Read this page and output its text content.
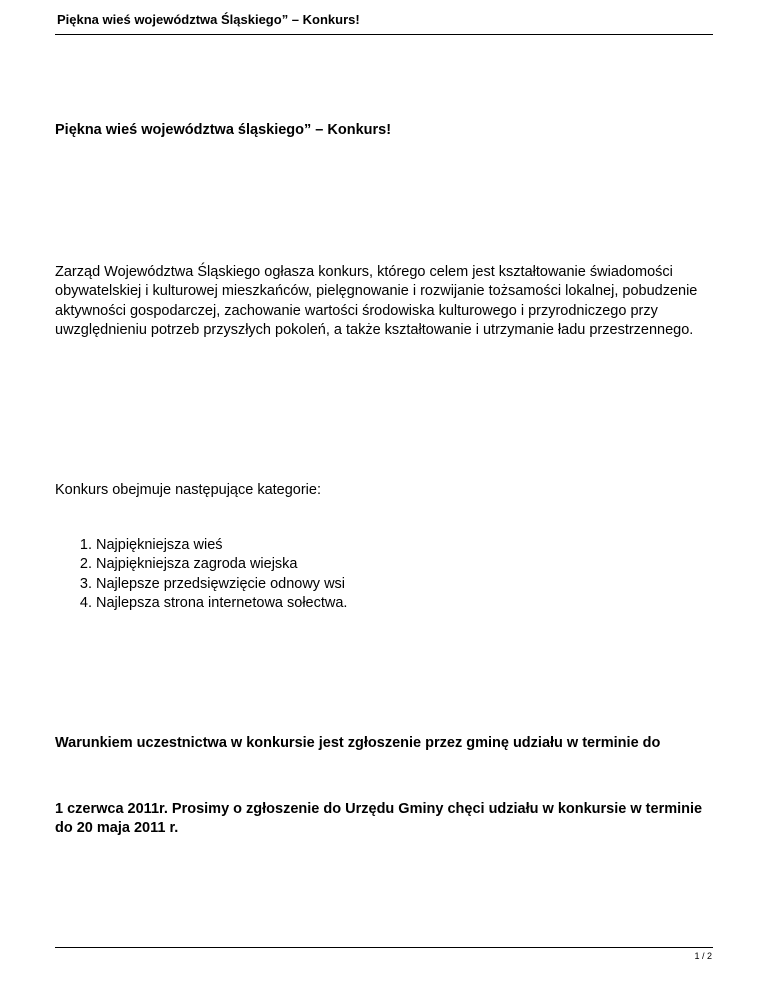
Piękna wieś województwa Śląskiego” – Konkurs!
Piękna wieś województwa śląskiego” – Konkurs!

Zarząd Województwa Śląskiego ogłasza konkurs, którego celem jest kształtowanie świadomości obywatelskiej i kulturowej mieszkańców, pielęgnowanie i rozwijanie tożsamości lokalnej, pobudzenie aktywności gospodarczej, zachowanie wartości środowiska kulturowego i przyrodniczego przy uwzględnieniu potrzeb przyszłych pokoleń, a także kształtowanie i utrzymanie ładu przestrzennego.

Konkurs obejmuje następujące kategorie:

1. Najpiękniejsza wieś
2. Najpiękniejsza zagroda wiejska
3. Najlepsze przedsięwzięcie odnowy wsi
4. Najlepsza strona internetowa sołectwa.

Warunkiem uczestnictwa w konkursie jest zgłoszenie przez gminę udziału w terminie do

1 czerwca 2011r. Prosimy o zgłoszenie do Urzędu Gminy chęci udziału w konkursie w terminie do 20 maja 2011 r.

1 / 2
